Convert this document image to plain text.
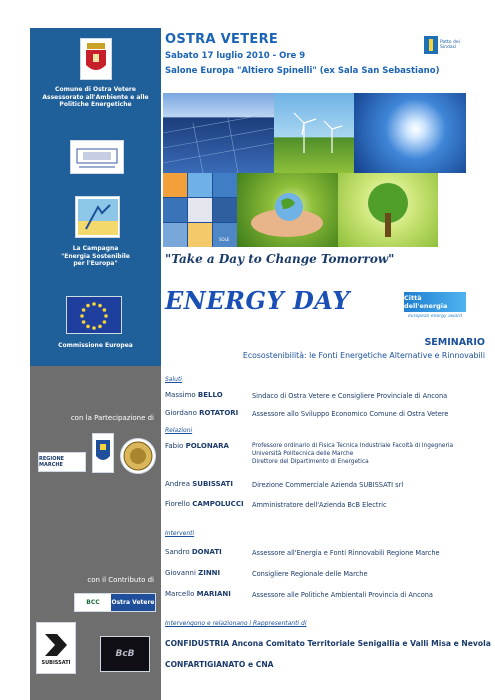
Comune di Ostra Vetere
Assessorato all'Ambiente e alle
Politiche Energetiche
La Campagna
"Energia Sostenibile
per l'Europa"
Commissione Europea
con la Partecipazione di
REGIONE MARCHE
con il Contributo di
BCC	Ostra Vetere
SUBISSATI
BcB
OSTRA VETERE
Sabato 17 luglio 2010 - Ore 9
Salone Europa "Altiero Spinelli" (ex Sala San Sebastiano)
Patto dei Sindaci
SOLE
"Take a Day to Change Tomorrow"
ENERGY DAY	Città dell'energia
european energy award
SEMINARIO
Ecosostenibilità: le Fonti Energetiche Alternative e Rinnovabili
Saluti
Massimo BELLO	Sindaco di Ostra Vetere e Consigliere Provinciale di Ancona
Giordano ROTATORI Assessore allo Sviluppo Economico Comune di Ostra Vetere
Relazioni
Fabio POLONARA	Professore ordinario di Fisica Tecnica Industriale Facoltà di Ingegneria
Università Politecnica delle Marche
Direttore del Dipartimento di Energetica
Andrea SUBISSATI	Direzione Commerciale Azienda SUBISSATI srl
Fiorello CAMPOLUCCI Amministratore dell'Azienda BcB Electric
Interventi
Sandro DONATI	Assessore all'Energia e Fonti Rinnovabili Regione Marche
Giovanni ZINNI	Consigliere Regionale delle Marche
Marcello MARIANI	Assessore alle Politiche Ambientali Provincia di Ancona
Intervengono e relazionano i Rappresentanti di
CONFIDUSTRIA Ancona Comitato Territoriale Senigallia e Valli Misa e Nevola
CONFARTIGIANATO e CNA
